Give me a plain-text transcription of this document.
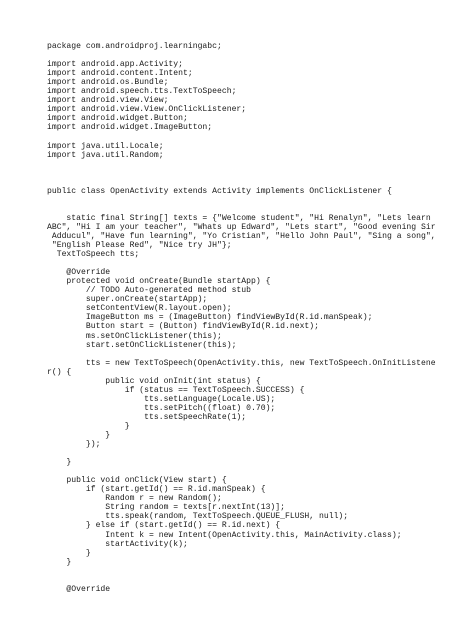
package com.androidproj.learningabc;
import android.app.Activity;
import android.content.Intent;
import android.os.Bundle;
import android.speech.tts.TextToSpeech;
import android.view.View;
import android.view.View.OnClickListener;
import android.widget.Button;
import android.widget.ImageButton;
import java.util.Locale;
import java.util.Random;
public class OpenActivity extends Activity implements OnClickListener {
static final String[] texts = {"Welcome student", "Hi Renalyn", "Lets learn
ABC", "Hi I am your teacher", "Whats up Edward", "Lets start", "Good evening Sir
Adducul", "Have fun learning", "Yo Cristian", "Hello John Paul", "Sing a song",
"English Please Red", "Nice try JH"};
TextToSpeech tts;
@Override
protected void onCreate(Bundle startApp) {
// TODO Auto-generated method stub
super.onCreate(startApp);
setContentView(R.layout.open);
ImageButton ms = (ImageButton) findViewById(R.id.manSpeak);
Button start = (Button) findViewById(R.id.next);
ms.setOnClickListener(this);
start.setOnClickListener(this);
tts = new TextToSpeech(OpenActivity.this, new TextToSpeech.OnInitListene
r() {
public void onInit(int status) {
if (status == TextToSpeech.SUCCESS) {
tts.setLanguage(Locale.US);
tts.setPitch((float) 0.70);
tts.setSpeechRate(1);
}
}
});
}
public void onClick(View start) {
if (start.getId() == R.id.manSpeak) {
Random r = new Random();
String random = texts[r.nextInt(13)];
tts.speak(random, TextToSpeech.QUEUE_FLUSH, null);
} else if (start.getId() == R.id.next) {
Intent k = new Intent(OpenActivity.this, MainActivity.class);
startActivity(k);
}
}
@Override
